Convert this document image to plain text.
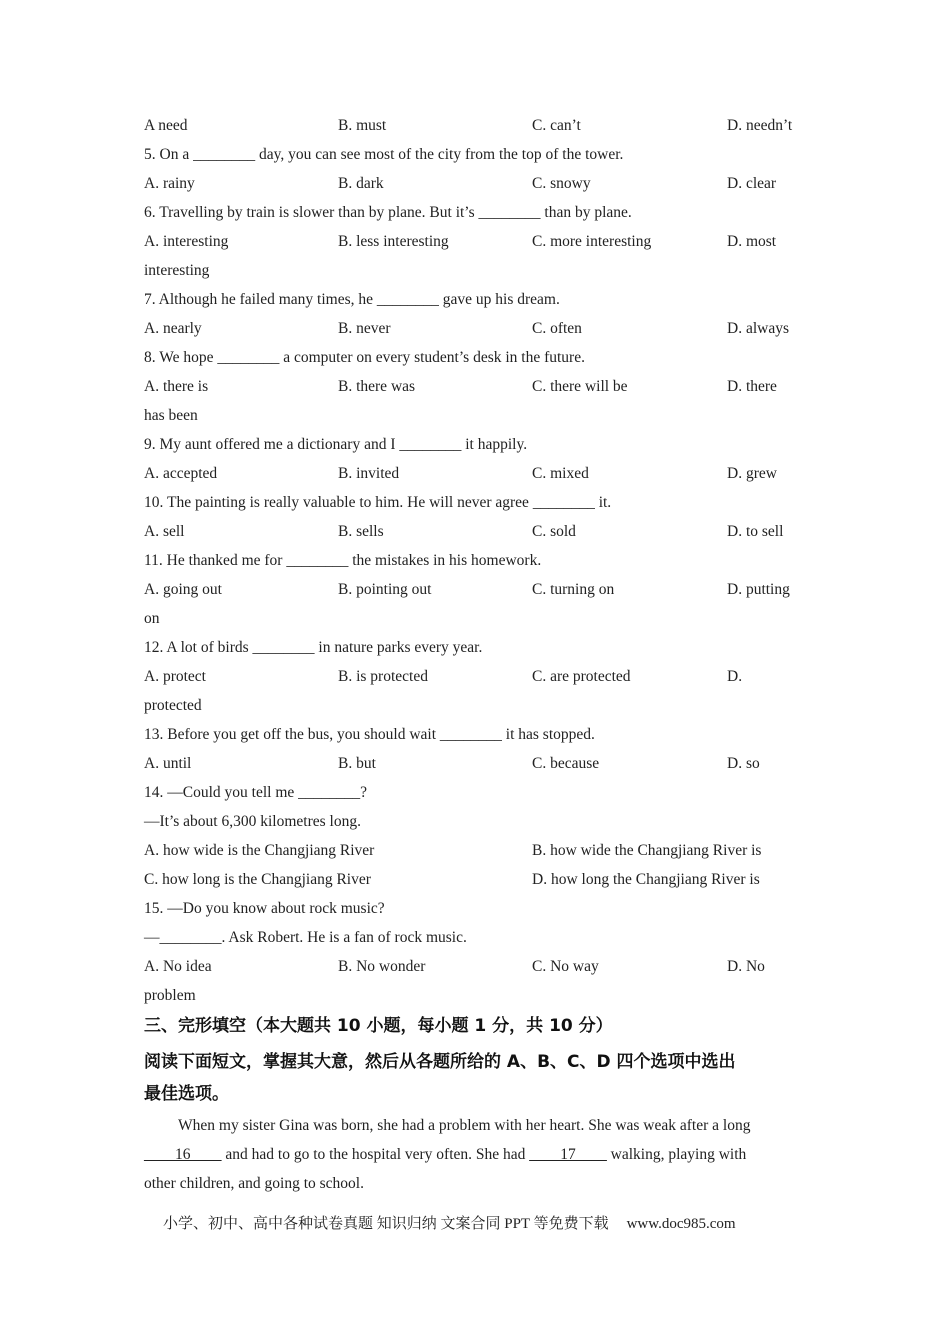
A need	B. must	C. can’t	D. needn’t
5. On a ________ day, you can see most of the city from the top of the tower.
A. rainy	B. dark	C. snowy	D. clear
6. Travelling by train is slower than by plane. But it’s ________ than by plane.
A. interesting	B. less interesting	C. more interesting	D. most
interesting
7. Although he failed many times, he ________ gave up his dream.
A. nearly	B. never	C. often	D. always
8. We hope ________ a computer on every student’s desk in the future.
A. there is	B. there was	C. there will be	D. there
has been
9. My aunt offered me a dictionary and I ________ it happily.
A. accepted	B. invited	C. mixed	D. grew
10. The painting is really valuable to him. He will never agree ________ it.
A. sell	B. sells	C. sold	D. to sell
11. He thanked me for ________ the mistakes in his homework.
A. going out	B. pointing out	C. turning on	D. putting
on
12. A lot of birds ________ in nature parks every year.
A. protect	B. is protected	C. are protected	D.
protected
13. Before you get off the bus, you should wait ________ it has stopped.
A. until	B. but	C. because	D. so
14. —Could you tell me ________?
—It’s about 6,300 kilometres long.
A. how wide is the Changjiang River	B. how wide the Changjiang River is
C. how long is the Changjiang River	D. how long the Changjiang River is
15. —Do you know about rock music?
—________. Ask Robert. He is a fan of rock music.
A. No idea	B. No wonder	C. No way	D. No
problem
三、完形填空（本大题共 10 小题，每小题 1 分，共 10 分）
阅读下面短文，掌握其大意，然后从各题所给的 A、B、C、D 四个选项中选出
最佳选项。
When my sister Gina was born, she had a problem with her heart. She was weak after a long
____16____ and had to go to the hospital very often. She had ____17____ walking, playing with
other children, and going to school.
小学、初中、高中各种试卷真题 知识归纳 文案合同 PPT 等免费下载 www.doc985.com
